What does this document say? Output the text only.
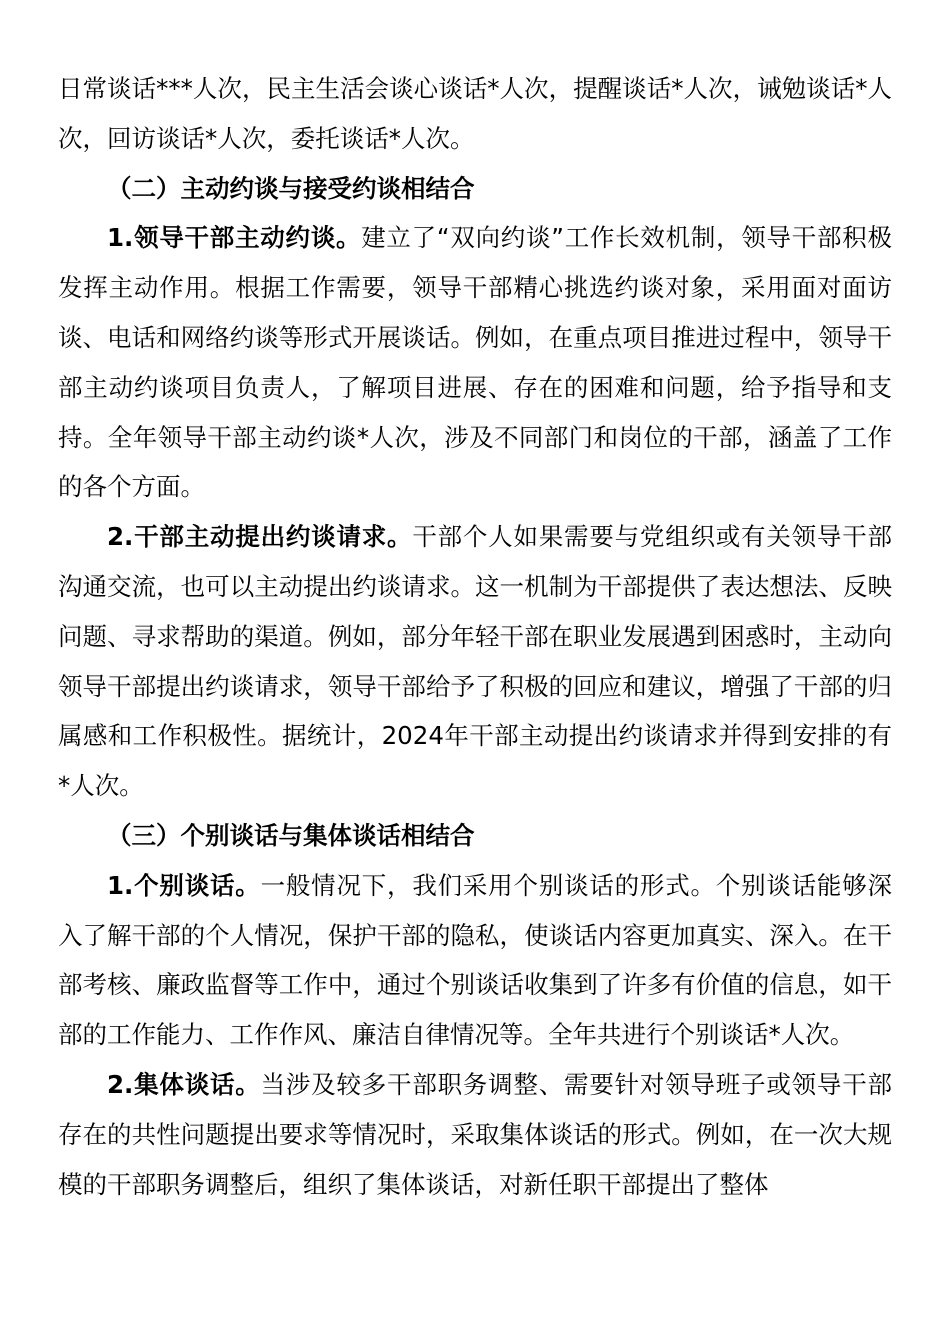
日常谈话***人次，民主生活会谈心谈话*人次，提醒谈话*人次，诫勉谈话*人次，回访谈话*人次，委托谈话*人次。

（二）主动约谈与接受约谈相结合

1.领导干部主动约谈。建立了“双向约谈”工作长效机制，领导干部积极发挥主动作用。根据工作需要，领导干部精心挑选约谈对象，采用面对面访谈、电话和网络约谈等形式开展谈话。例如，在重点项目推进过程中，领导干部主动约谈项目负责人，了解项目进展、存在的困难和问题，给予指导和支持。全年领导干部主动约谈*人次，涉及不同部门和岗位的干部，涵盖了工作的各个方面。

2.干部主动提出约谈请求。干部个人如果需要与党组织或有关领导干部沟通交流，也可以主动提出约谈请求。这一机制为干部提供了表达想法、反映问题、寻求帮助的渠道。例如，部分年轻干部在职业发展遇到困惑时，主动向领导干部提出约谈请求，领导干部给予了积极的回应和建议，增强了干部的归属感和工作积极性。据统计，2024年干部主动提出约谈请求并得到安排的有*人次。

（三）个别谈话与集体谈话相结合

1.个别谈话。一般情况下，我们采用个别谈话的形式。个别谈话能够深入了解干部的个人情况，保护干部的隐私，使谈话内容更加真实、深入。在干部考核、廉政监督等工作中，通过个别谈话收集到了许多有价值的信息，如干部的工作能力、工作作风、廉洁自律情况等。全年共进行个别谈话*人次。

2.集体谈话。当涉及较多干部职务调整、需要针对领导班子或领导干部存在的共性问题提出要求等情况时，采取集体谈话的形式。例如，在一次大规模的干部职务调整后，组织了集体谈话，对新任职干部提出了整体
